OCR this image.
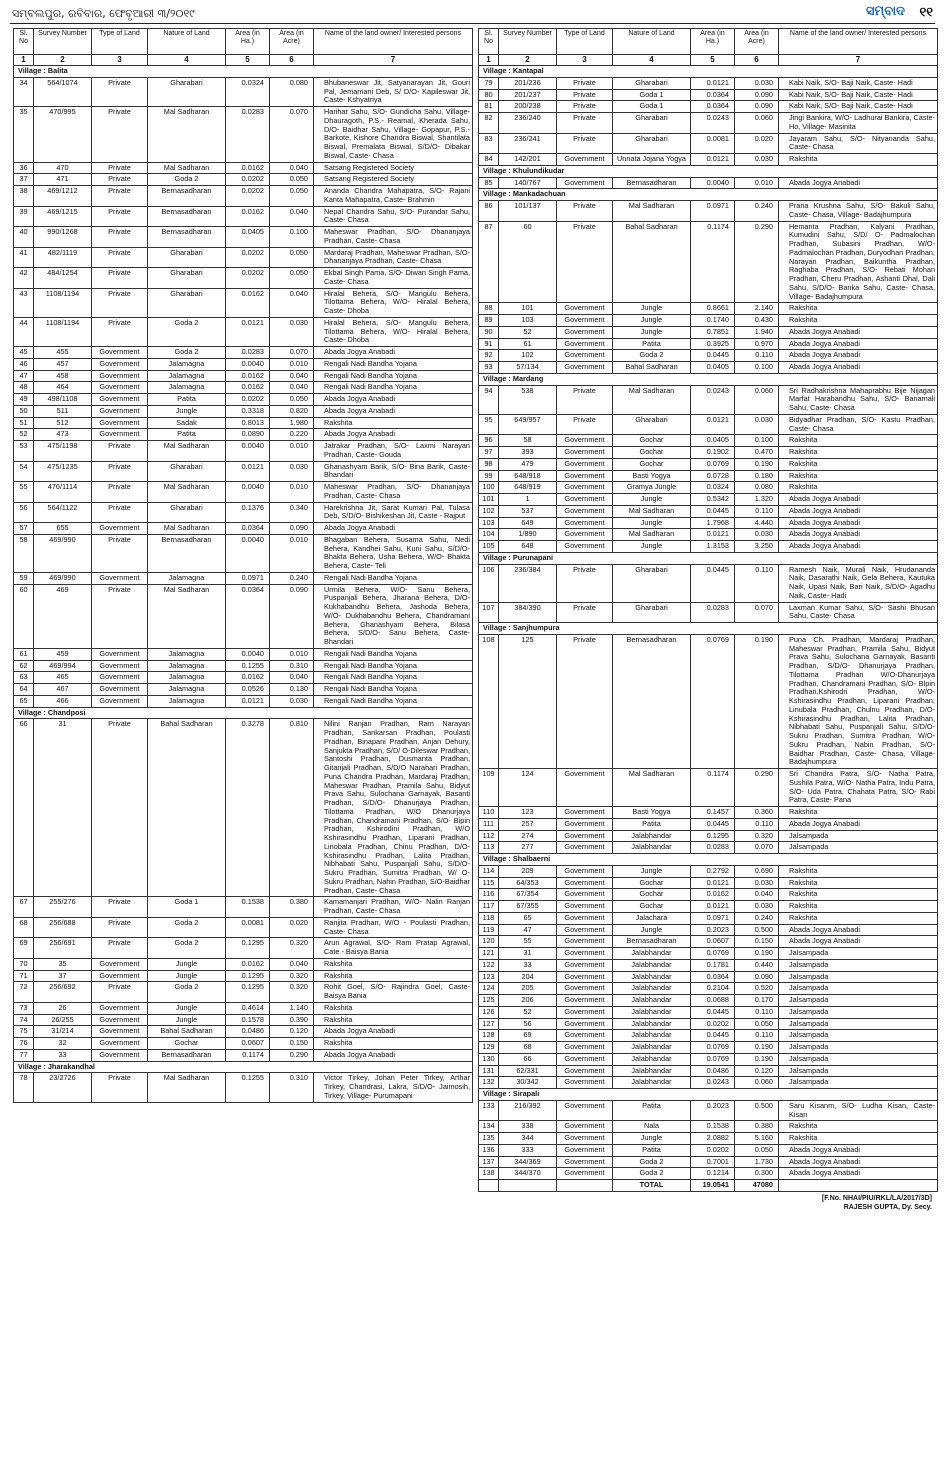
ସମ୍ବଲପୁର, ରବିବାର, ଫେବୃଆରୀ ୩/୨୦୧୯	ସମ୍ବାଦ ୧୧
Sl. No	Survey Number	Type of Land	Nature of Land	Area (in Ha.)	Area (in Acre)	Name of the land owner/ Interested persons
1	2	3	4	5	6	7
Village : Balita						
34	564/1074	Private	Gharabari	0.0324	0.080	Bhubaneswar Jit, Satyanarayan Jit, Gouri Pal, Jemamani Deb, S/ D/O- Kapileswar Jit, Caste- Kshyatriya
35	470/995	Private	Mal Sadharan	0.0283	0.070	Harihar Sahu, S/O- Gundicha Sahu, Village- Dhauragoth, P.S.- Reamal, Kherada Sahu, D/O- Baidhar Sahu, Village- Gopapur, P.S.- Barkote, Kishore Chandra Biswal, Shantilata Biswal, Premalata Biswal, S/D/O- Dibakar Biswal, Caste- Chasa
36	470	Private	Mal Sadharan	0.0162	0.040	Satsang Registered Society
37	471	Private	Goda 2	0.0202	0.050	Satsang Registered Society
38	469/1212	Private	Bernasadharan	0.0202	0.050	Ananda Chandra Mahapatra, S/O- Rajani Kanta Mahapatra, Caste- Brahmin
39	469/1215	Private	Bernasadharan	0.0162	0.040	Nepal Chandra Sahu, S/O- Purandar Sahu, Caste- Chasa
40	990/1268	Private	Bernasadharan	0.0405	0.100	Maheswar Pradhan, S/O- Dhananjaya Pradhan, Caste- Chasa
41	482/1119	Private	Gharabari	0.0202	0.050	Mardaraj Pradhan, Maheswar Pradhan, S/O- Dhananjaya Pradhan, Caste- Chasa
42	484/1254	Private	Gharabari	0.0202	0.050	Ekbal Singh Pama, S/O- Diwan Singh Pama, Caste- Chasa
43	1108/1194	Private	Gharabari	0.0162	0.040	Hiralal Behera, S/O- Mangulu Behera, Tilottama Behera, W/O- Hiralal Behera, Caste- Dhoba
44	1108/1194	Private	Goda 2	0.0121	0.030	Hiralal Behera, S/O- Mangulu Behera, Tilottama Behera, W/O- Hiralal Behera, Caste- Dhoba
45	455	Government	Goda 2	0.0283	0.070	Abada Jogya Anabadi
46	457	Government	Jalamagna	0.0040	0.010	Rengali Nadi Bandha Yojana
47	458	Government	Jalamagna	0.0162	0.040	Rengali Nadi Bandha Yojana
48	464	Government	Jalamagna	0.0162	0.040	Rengali Nadi Bandha Yojana
49	498/1108	Government	Patita	0.0202	0.050	Abada Jogya Anabadi
50	511	Government	Jungle	0.3318	0.820	Abada Jogya Anabadi
51	512	Government	Sadak	0.8013	1.980	Rakshita
52	473	Government	Patita	0.0890	0.220	Abada Jogya Anabadi
53	475/1198	Private	Mal Sadharan	0.0040	0.010	Jatrakar Pradhan, S/O- Laxmi Narayan Pradhan, Caste- Gouda
54	475/1235	Private	Gharabari	0.0121	0.030	Ghanashyam Barik, S/O- Bina Barik, Caste- Bhandari
55	476/1114	Private	Mal Sadharan	0.0040	0.010	Maheswar Pradhan, S/O- Dhananjaya Pradhan, Caste- Chasa
56	564/1122	Private	Gharabari	0.1376	0.340	Harekrishna Jit, Sarat Kumari Pal, Tulasa Deb, S/D/O- Bishikeshan Jit, Caste - Rajput
57	655	Government	Mal Sadharan	0.0364	0.090	Abada Jogya Anabadi
58	469/990	Private	Bernasadharan	0.0040	0.010	Bhagaban Behera, Susama Sahu, Nedi Behera, Kandhei Sahu, Kuni Sahu, S/D/O- Bhakta Behera, Usha Behera, W/O- Bhakta Behera, Caste- Teli
59	469/990	Government	Jalamagna	0.0971	0.240	Rengali Nadi Bandha Yojana
60	469	Private	Mal Sadharan	0.0364	0.090	Urmila Behera, W/O- Sanu Behera, Puspanjali Behera, Jharana Behera, D/O- Kukhabandhu Behera, Jashoda Behera, W/O- Dukhabandhu Behera, Chandramani Behera, Ghanashyam Behera, Bilasa Behera, S/D/O- Sanu Behera, Caste- Bhandari
61	459	Government	Jalamagna	0.0040	0.010	Rengali Nadi Bandha Yojana
62	469/994	Government	Jalamagna	0.1255	0.310	Rengali Nadi Bandha Yojana
63	465	Government	Jalamagna	0.0162	0.040	Rengali Nadi Bandha Yojana
64	467	Government	Jalamagna	0.0526	0.130	Rengali Nadi Bandha Yojana
65	466	Government	Jalamagna	0.0121	0.030	Rengali Nadi Bandha Yojana
Village : Chandposi						
66	31	Private	Bahal Sadharan	0.3278	0.810	Nilini Ranjan Pradhan, Ram Narayan Pradhan, Sankarsan Pradhan, Poulasti Pradhan, Binapani Pradhan, Anjan Dehury, Sanjukta Pradhan, S/D/ O-Dileswar Pradhan, Santoshi Pradhan, Dusmanta Pradhan, Gitanjali Pradhan, S/D/O Narahari Pradhan, Puna Chandra Pradhan, Mardaraj Pradhan, Maheswar Pradhan, Pramila Sahu, Bidyut Prava Sahu, Sulochana Garnayak, Basanti Pradhan, S/D/O- Dhanurjaya Pradhan, Tilottama Pradhan, W/O Dhanurjaya Pradhan, Chandramani Pradhan, S/O- Bipin Pradhan, Kshirodini Pradhan, W/O Kshirasindhu Pradhan, Liparani Pradhan, Linobala Pradhan, Chinu Pradhan, D/O- Kshirasindhu Pradhan, Lalita Pradhan, Nibhabati Sahu, Puspanjali Sahu, S/D/O- Sukru Pradhan, Sumitra Pradhan, W/ O- Sukru Pradhan, Nahin Pradhan, S/O-Baidhar Pradhan, Caste- Chasa
67	255/276	Private	Goda 1	0.1538	0.380	Kamamanjari Pradhan, W/O- Nalin Ranjan Pradhan, Caste- Chasa
68	256/688	Private	Goda 2	0.0081	0.020	Ranjita Pradhan, W/O - Poulasti Pradhan, Caste- Chasa
69	256/691	Private	Goda 2	0.1295	0.320	Arun Agrawal, S/O- Ram Pratap Agrawal, Cate - Baisya Bania
70	35	Government	Jungle	0.0162	0.040	Rakshita
71	37	Government	Jungle	0.1295	0.320	Rakshita
72	256/692	Private	Goda 2	0.1295	0.320	Rohit Goel, S/O- Rajindra Goel, Caste- Baisya Bania
73	26	Government	Jungle	0.4614	1.140	Rakshita
74	26/255	Government	Jungle	0.1578	0.390	Rakshita
75	31/214	Government	Bahal Sadharan	0.0486	0.120	Abada Jogya Anabadi
76	32	Government	Gochar	0.0607	0.150	Rakshita
77	33	Government	Bernasadharan	0.1174	0.290	Abada Jogya Anabadi
Village : Jharakandhal						
78	23/2726	Private	Mal Sadharan	0.1255	0.310	Victor Tirkey, Johan Peter Tirkey, Arthar Tirkey, Chandrasi, Lakra, S/D/O- Jaimosih, Tirkey, Village- Purumapani
Sl. No	Survey Number	Type of Land	Nature of Land	Area (in Ha.)	Area (in Acre)	Name of the land owner/ Interested persons
1	2	3	4	5	6	7
Village : Kantapal						
79	201/236	Private	Gharabari	0.0121	0.030	Kabi Naik, S/O- Baji Naik, Caste- Hadi
80	201/237	Private	Goda 1	0.0364	0.090	Kabi Naik, S/O- Baji Naik, Caste- Hadi
81	200/238	Private	Goda 1	0.0364	0.090	Kabi Naik, S/O- Baji Naik, Caste- Hadi
82	236/240	Private	Gharabari	0.0243	0.060	Jingi Bankira, W/O- Ladhurai Bankira, Caste- Ho, Village- Masinita
83	236/241	Private	Gharabari	0.0081	0.020	Jayaram Sahu, S/O- Nityananda Sahu, Caste- Chasa
84	142/201	Government	Unnata Jojana Yogya	0.0121	0.030	Rakshita
Village : Khulundikudar						
85	140/767	Government	Bernasadharan	0.0040	0.010	Abada Jogya Anabadi
Village : Mankadachuan						
86	101/137	Private	Mal Sadharan	0.0971	0.240	Prana Krushna Sahu, S/O- Bakuli Sahu, Caste- Chasa, Village- Badajhumpura
87	60	Private	Bahal Sadharan	0.1174	0.290	Hemanta Pradhan, Kalyani Pradhan, Kumudini Sahu, S/D/ O- Padmalochan Pradhan, Subasini Pradhan, W/O- Padmalochan Pradhan, Duryodhan Pradhan, Narayan Pradhan, Baikuntha Pradhan, Raghaba Pradhan, S/O- Rebati Mohan Pradhan, Cheru Pradhan, Ashanti Dhal, Dali Sahu, S/D/O- Banka Sahu, Caste- Chasa, Village- Badajhumpura
88	101	Government	Jungle	0.8661	2.140	Rakshita
89	103	Government	Jungle	0.1740	0.430	Rakshita
90	52	Government	Jungle	0.7851	1.940	Abada Jogya Anabadi
91	61	Government	Patita	0.3925	0.970	Abada Jogya Anabadi
92	102	Government	Goda 2	0.0445	0.110	Abada Jogya Anabadi
93	57/134	Government	Bahal Sadharan	0.0405	0.100	Abada Jogya Anabadi
Village : Mardang						
94	538	Private	Mal Sadharan	0.0243	0.060	Sri Radhakrishna Mahaprabhu Bije Nijagan Marfat Harabandhu Sahu, S/O- Banamali Sahu, Caste- Chasa
95	649/957	Private	Gharabari	0.0121	0.030	Bidyadhar Pradhan, S/O- Kastu Pradhan, Caste- Chasa
96	58	Government	Gochar	0.0405	0.100	Rakshita
97	393	Government	Gochar	0.1902	0.470	Rakshita
98	479	Government	Gochar	0.0769	0.190	Rakshita
99	648/918	Government	Basti Yogya	0.0728	0.180	Rakshita
100	648/919	Government	Gramya Jungle	0.0324	0.080	Rakshita
101	1	Government	Jungle	0.5342	1.320	Abada Jogya Anabadi
102	537	Government	Mal Sadharan	0.0445	0.110	Abada Jogya Anabadi
103	649	Government	Jungle	1.7968	4.440	Abada Jogya Anabadi
104	1/890	Government	Mal Sadharan	0.0121	0.030	Abada Jogya Anabadi
105	648	Government	Jungle	1.3153	3.250	Abada Jogya Anabadi
Village : Purunapani						
106	236/384	Private	Gharabari	0.0445	0.110	Ramesh Naik, Murali Naik, Hrudananda Naik, Dasarathi Naik, Gela Behera, Kautuka Naik, Upasi Naik, Bari Naik, S/D/O- Agadhu Naik, Caste- Hadi
107	384/390	Private	Gharabari	0.0283	0.070	Laxman Kumar Sahu, S/O- Sashi Bhusan Sahu, Caste- Chasa
Village : Sanjhumpura						
108	125	Private	Bernasadharan	0.0769	0.190	Puna Ch. Pradhan, Mardaraj Pradhan, Maheswar Pradhan, Pramila Sahu, Bidyut Prava Sahu, Sulochana Garnayak, Basanti Pradhan, S/D/O- Dhanurjaya Pradhan, Tilottama Pradhan W/O-Dhanurjaya Pradhan, Chandramani Pradhan, S/O- Blpin Pradhan.Kshirodri Pradhan, W/O-Kshirasindhu Pradhan, Liparani Pradhan, Linubala Pradhan, Chulnu Pradhan, D/O- Kshirasindhu Pradhan, Lalita Pradhan, Nibhabati Sahu, Puspanjali Sahu, S/D/O- Sukru Pradhan, Sumitra Pradhan, W/O- Sukru Pradhan, Nabin Pradhan, S/O- Baidhar Pradhan, Caste- Chasa, Village- Badajhumpura
109	124	Government	Mal Sadharan	0.1174	0.290	Sri Chandra Patra, S/O- Natha Patra, Sushila Patra, W/O- Natha Patra, Indu Patra, S/O- Uda Patra, Chahata Patra, S/O- Rabi Patra, Caste- Pana
110	123	Government	Basti Yogya	0.1457	0.360	Rakshita
111	257	Government	Patita	0.0445	0.110	Abada Jogya Anabadi
112	274	Government	Jalabhandar	0.1295	0.320	Jalsampada
113	277	Government	Jalabhandar	0.0283	0.070	Jalsampada
Village : Shalbaerni						
114	209	Government	Jungle	0.2792	0.690	Rakshita
115	64/353	Government	Gochar	0.0121	0.030	Rakshita
116	67/354	Government	Gochar	0.0162	0.040	Rakshita
117	67/355	Government	Gochar	0.0121	0.030	Rakshita
118	65	Government	Jalachara	0.0971	0.240	Rakshita
119	47	Government	Jungle	0.2023	0.500	Abada Jogya Anabadi
120	55	Government	Bernasadharan	0.0607	0.150	Abada Jogya Anabadi
121	31	Government	Jalabhandar	0.0769	0.190	Jalsampada
122	33	Government	Jalabhandar	0.1781	0.440	Jalsampada
123	204	Government	Jalabhandar	0.0364	0.090	Jalsampada
124	205	Government	Jalabhandar	0.2104	0.520	Jalsampada
125	206	Government	Jalabhandar	0.0688	0.170	Jalsampada
126	52	Government	Jalabhandar	0.0445	0.110	Jalsampada
127	56	Government	Jalabhandar	0.0202	0.050	Jalsampada
128	69	Government	Jalabhandar	0.0445	0.110	Jalsampada
129	68	Government	Jalabhandar	0.0769	0.190	Jalsampada
130	66	Government	Jalabhandar	0.0769	0.190	Jalsampada
131	62/331	Government	Jalabhandar	0.0486	0.120	Jalsampada
132	30/342	Government	Jalabhandar	0.0243	0.060	Jalsampada
Village : Sirapali						
133	216/392	Government	Patita	0.2023	0.500	Saru Kisanm, S/O- Ludha Kisan, Caste- Kisan
134	338	Government	Nala	0.1538	0.380	Rakshita
135	344	Government	Jungle	2.0882	5.160	Rakshita
136	333	Government	Patita	0.0202	0.050	Abada Jogya Anabadi
137	344/369	Government	Goda 2	0.7001	1.730	Abada Jogya Anabadi
138	344/370	Government	Goda 2	0.1214	0.300	Abada Jogya Anabadi
			TOTAL	19.0541	47080	
[F.No. NHAI/PIU/RKL/LA/2017/3D]
RAJESH GUPTA, Dy. Secy.
